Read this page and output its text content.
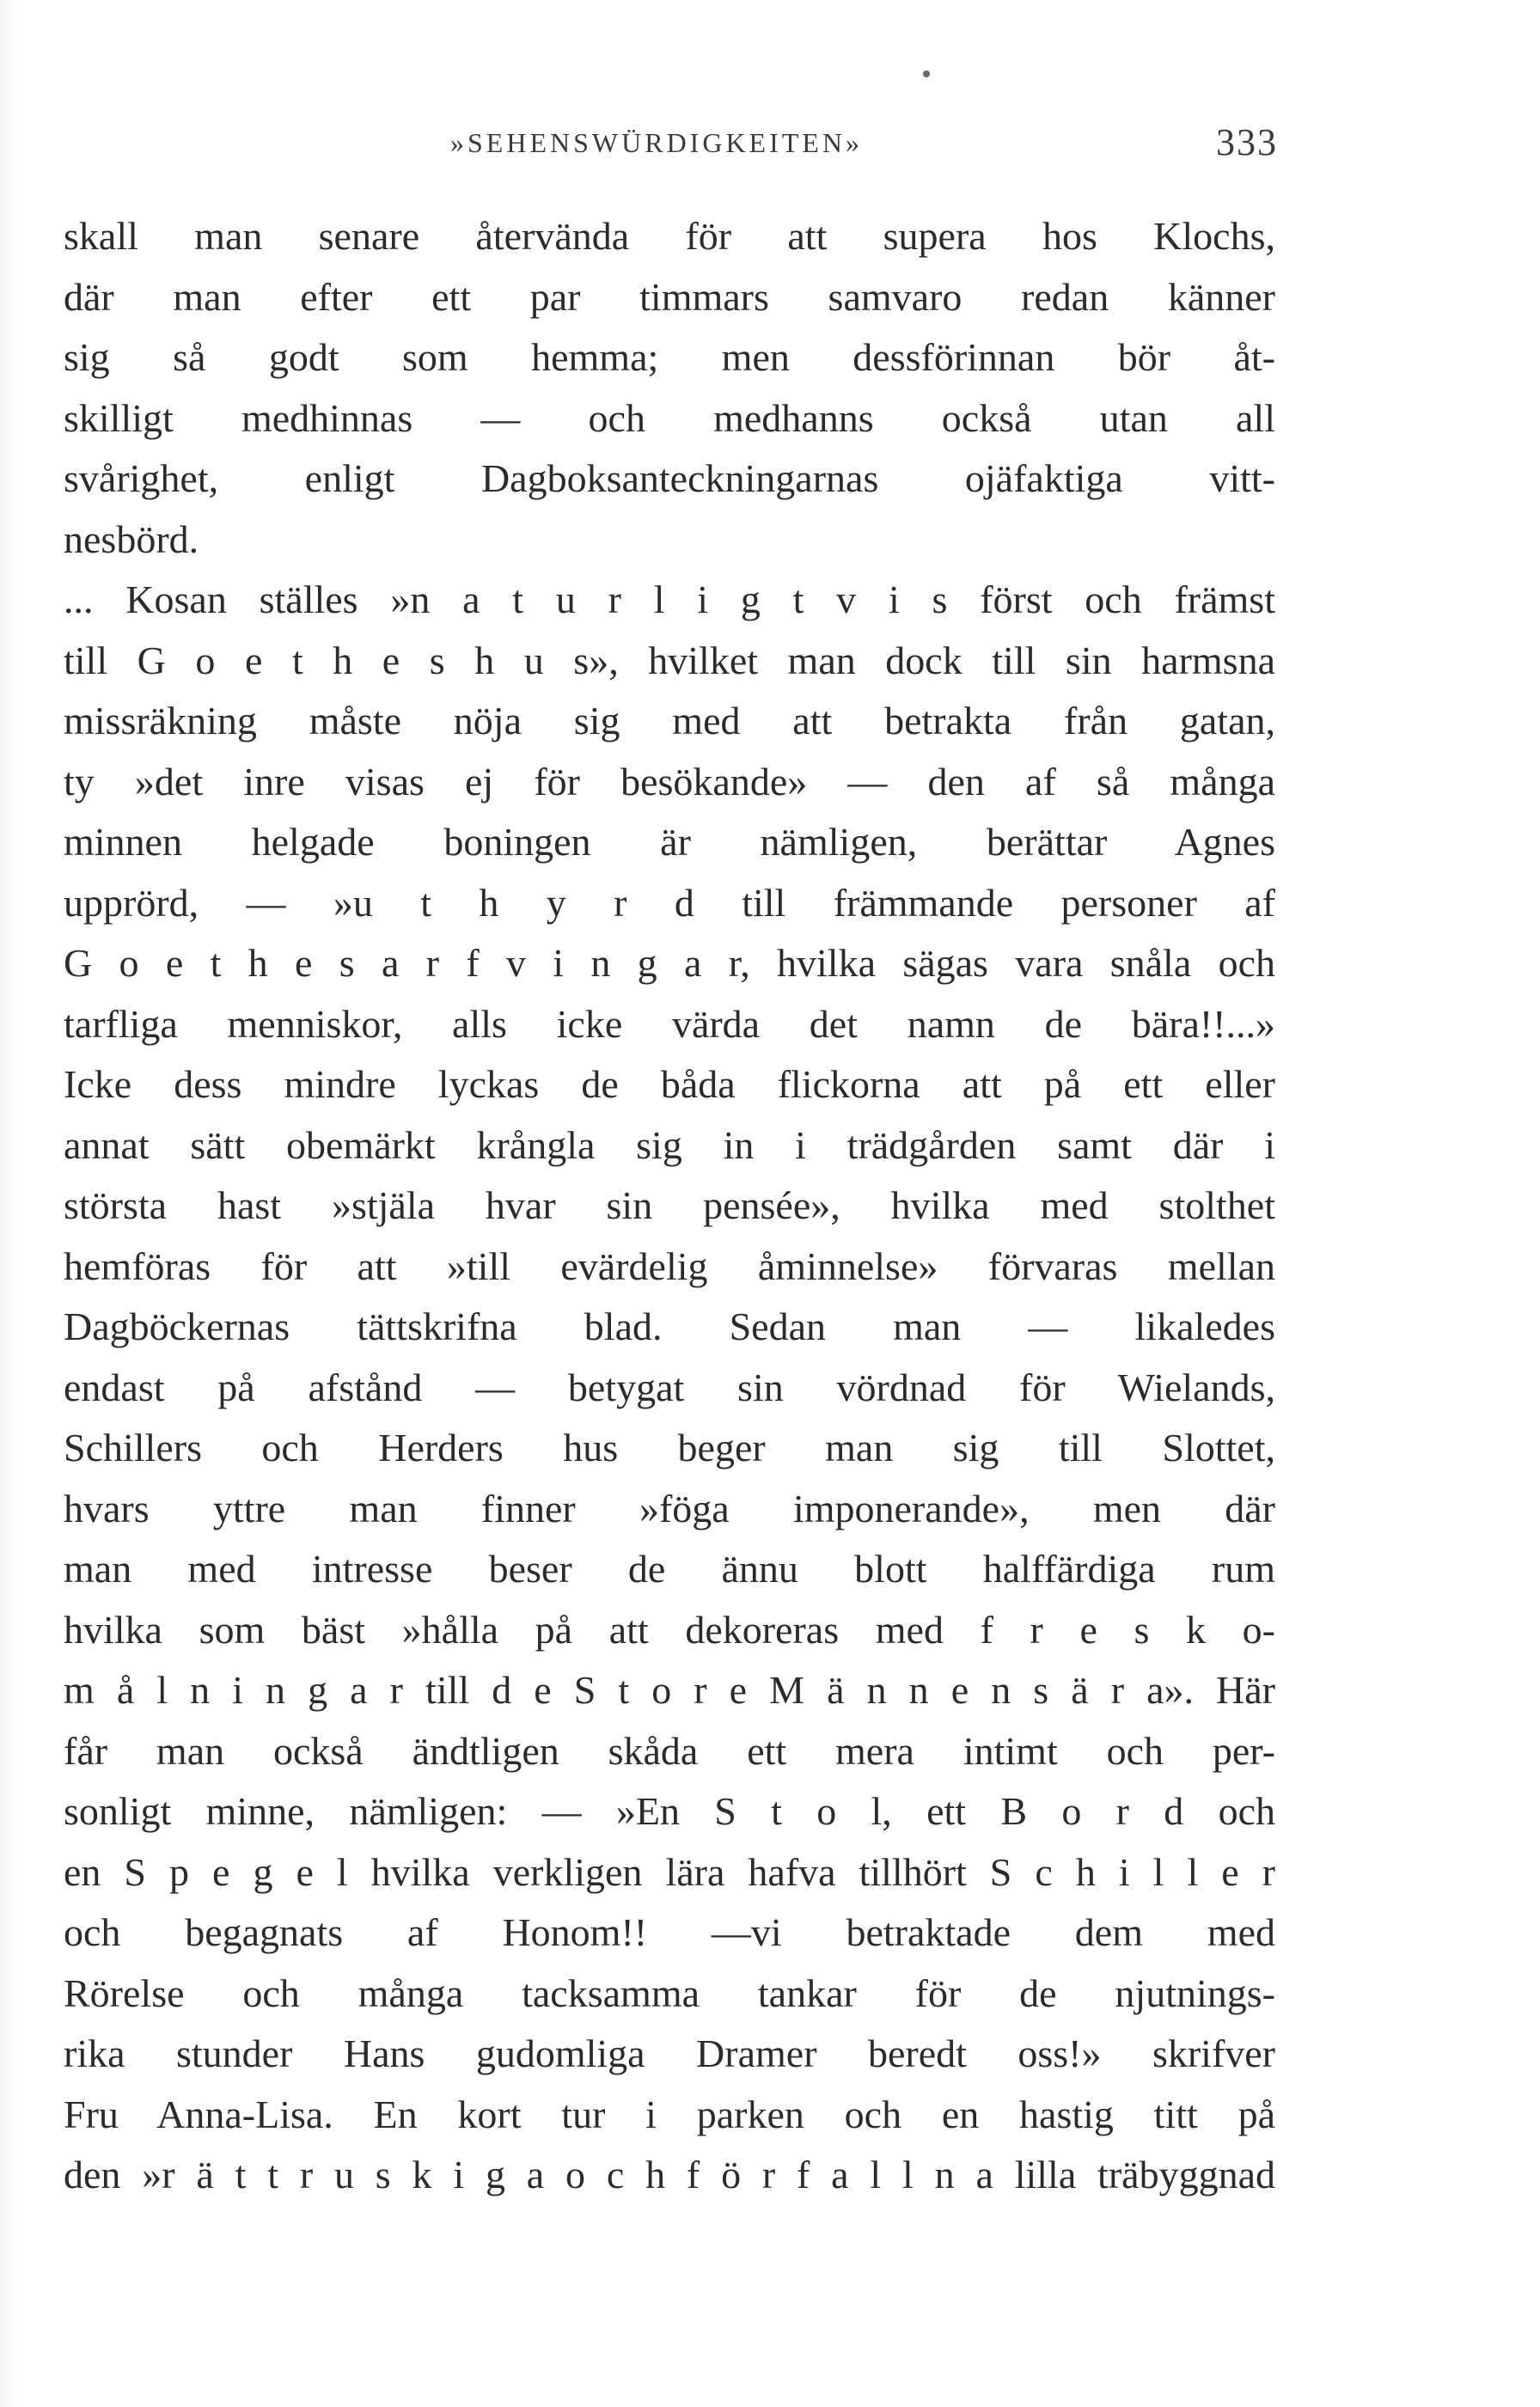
»SEHENSWÜRDIGKEITEN»	333
skall man senare återvända för att supera hos Klochs,
där man efter ett par timmars samvaro redan känner
sig så godt som hemma; men dessförinnan bör åt-
skilligt medhinnas — och medhanns också utan all
svårighet, enligt Dagboksanteckningarnas ojäfaktiga vitt-
nesbörd.
... Kosan ställes »n a t u r l i g t v i s först och främst
till G o e t h e s h u s», hvilket man dock till sin harmsna
missräkning måste nöja sig med att betrakta från gatan,
ty »det inre visas ej för besökande» — den af så många
minnen helgade boningen är nämligen, berättar Agnes
upprörd, — »u t h y r d till främmande personer af
G o e t h e s a r f v i n g a r, hvilka sägas vara snåla och
tarfliga menniskor, alls icke värda det namn de bära!!...»
Icke dess mindre lyckas de båda flickorna att på ett eller
annat sätt obemärkt krångla sig in i trädgården samt där i
största hast »stjäla hvar sin pensée», hvilka med stolthet
hemföras för att »till evärdelig åminnelse» förvaras mellan
Dagböckernas tättskrifna blad. Sedan man — likaledes
endast på afstånd — betygat sin vördnad för Wielands,
Schillers och Herders hus beger man sig till Slottet,
hvars yttre man finner »föga imponerande», men där
man med intresse beser de ännu blott halffärdiga rum
hvilka som bäst »hålla på att dekoreras med f r e s k o-
m å l n i n g a r till d e S t o r e M ä n n e n s ä r a». Här
får man också ändtligen skåda ett mera intimt och per-
sonligt minne, nämligen: — »En S t o l, ett B o r d och
en S p e g e l hvilka verkligen lära hafva tillhört S c h i l l e r
och begagnats af Honom!! —vi betraktade dem med
Rörelse och många tacksamma tankar för de njutnings-
rika stunder Hans gudomliga Dramer beredt oss!» skrifver
Fru Anna-Lisa. En kort tur i parken och en hastig titt på
den »r ä t t r u s k i g a o c h f ö r f a l l n a lilla träbyggnad
